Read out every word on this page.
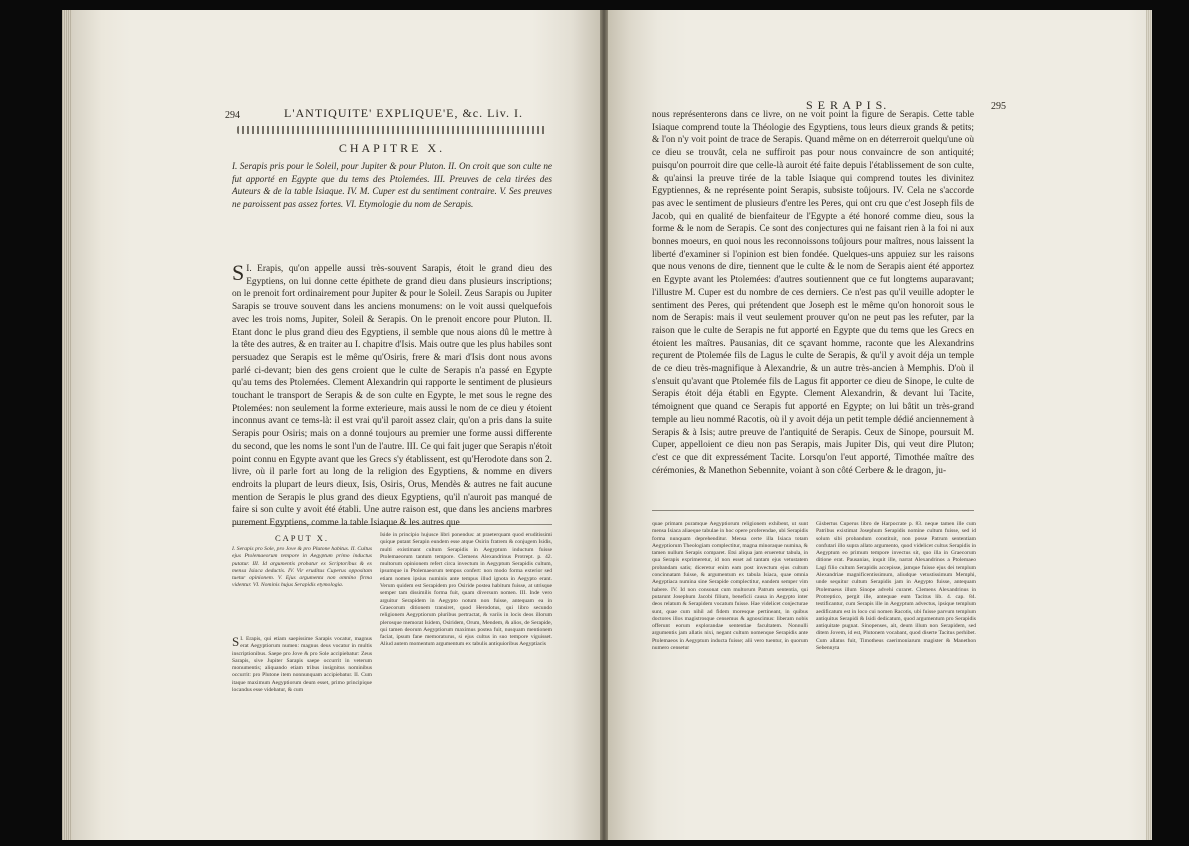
294	L'ANTIQUITE' EXPLIQUE'E, &c. Liv. I.
CHAPITRE X.
I. Serapis pris pour le Soleil, pour Jupiter & pour Pluton. II. On croit que son culte ne fut apporté en Egypte que du tems des Ptolemées. III. Preuves de cela tirées des Auteurs & de la table Isiaque. IV. M. Cuper est du sentiment contraire. V. Ses preuves ne paroissent pas assez fortes. VI. Etymologie du nom de Serapis.
S I. Erapis, qu'on appelle aussi très-souvent Sarapis, étoit le grand dieu des Egyptiens, on lui donne cette épithete de grand dieu dans plusieurs inscriptions; on le prenoit fort ordinairement pour Jupiter & pour le Soleil. Zeus Sarapis ou Jupiter Sarapis se trouve souvent dans les anciens monumens: on le voit aussi quelquefois avec les trois noms, Jupiter, Soleil & Serapis. On le prenoit encore pour Pluton. II. Etant donc le plus grand dieu des Egyptiens, il semble que nous aions dû le mettre à la tête des autres, & en traiter au I. chapitre d'Isis. Mais outre que les plus habiles sont persuadez que Serapis est le même qu'Osiris, frere & mari d'Isis dont nous avons parlé ci-devant; bien des gens croient que le culte de Serapis n'a passé en Egypte qu'au tems des Ptolemées. Clement Alexandrin qui rapporte le sentiment de plusieurs touchant le transport de Serapis & de son culte en Egypte, le met sous le regne des Ptolemées: non seulement la forme exterieure, mais aussi le nom de ce dieu y étoient inconnus avant ce tems-là: il est vrai qu'il paroit assez clair, qu'on a pris dans la suite Serapis pour Osiris; mais on a donné toujours au premier une forme aussi differente du second, que les noms le sont l'un de l'autre. III. Ce qui fait juger que Serapis n'étoit point connu en Egypte avant que les Grecs s'y établissent, est qu'Herodote dans son 2. livre, où il parle fort au long de la religion des Egyptiens, & nomme en divers endroits la plupart de leurs dieux, Isis, Osiris, Orus, Mendès & autres ne fait aucune mention de Serapis le plus grand des dieux Egyptiens, qu'il n'auroit pas manqué de faire si son culte y avoit été établi. Une autre raison est, que dans les anciens marbres
CAPUT X.
I. Serapis pro Sole, pro Jove & pro Plutone habitus. II. Cultus ejus Ptolemaeorum tempore in Aegyptum primo inductus putatur. III. Id argumentis probatur ex Scriptoribus & ex mensa Isiaca deductis. IV. Vir eruditus Cuperus oppositam tuetur opinionem. V. Ejus argumenta non omnino firma videntur. VI. Nominis hujus Serapidis etymologia.
S I. Erapis, qui etiam saepissime Sarapis vocatur, magnus erat Aegyptiorum numen: magnus deus vocatur in multis inscriptionibus. Saepe pro Jove & pro Sole accipiebatur: Zeus Sarapis, sive Jupiter Sarapis saepe occurrit in veterum monumentis; aliquando etiam tribus insignitus nominibus occurrit: pro Plutone item nonnunquam accipiebatur. II. Cum itaque maximum Aegyptiorum deum esset, primo principique locandus esse videbatur, & cum
Iside in principio hujusce libri ponendus: at praeterquam quod eruditissimi quique putant Serapin eundem esse atque Osirin fratrem & conjugem Isidis, multi existimant cultum Serapidis in Aegyptum inductum fuisse Ptolemaeorum tantum tempore. Clemens Alexandrinus Protrept. p. 42. multorum opinionem refert circa invectum in Aegyptum Serapidis cultum, ipsumque in Ptolemaeorum tempus confert: non modo forma exterior sed etiam nomen ipsius numinis ante tempus illud ignota in Aegypto erant. Verum quidem est Serapidem pro Osiride postea habitum fuisse, at utrisque semper tam dissimilis forma fuit, quam diversum nomen. III. Inde vero arguitur Serapidem in Aegypto notum non fuisse, antequam ea in Graecorum ditionem transiret, quod Herodotus, qui libro secundo religionem Aegyptiorum pluribus pertractat, & variis in locis deos illorum plerosque memorat Isidem, Osiridem, Orum, Mendem, & alios, de Serapide, qui tamen deorum Aegyptiorum maximus postea fuit, nusquam mentionem faciat, ipsum fane memoraturus, si ejus cultus in suo tempore viguisset. Aliud autem momentum argumentum ex tabulis antiquioribus Aegyptiacis
S E R A P I S.	295
nous représenterons dans ce livre, on ne voit point la figure de Serapis. Cette table Isiaque comprend toute la Théologie des Egyptiens, tous leurs dieux grands & petits; & l'on n'y voit point de trace de Serapis. Quand même on en déterreroit quelqu'une où ce dieu se trouvât, cela ne suffiroit pas pour nous convaincre de son antiquité; puisqu'on pourroit dire que celle-là auroit été faite depuis l'établissement de son culte, & qu'ainsi la preuve tirée de la table Isiaque qui comprend toutes les divinitez Egyptiennes, & ne représente point Serapis, subsiste toûjours. IV. Cela ne s'accorde pas avec le sentiment de plusieurs d'entre les Peres, qui ont cru que c'est Joseph fils de Jacob, qui en qualité de bienfaiteur de l'Egypte a été honoré comme dieu, sous la forme & le nom de Serapis. Ce sont des conjectures qui ne faisant rien à la foi ni aux bonnes moeurs, en quoi nous les reconnoissons toûjours pour maîtres, nous laissent la liberté d'examiner si l'opinion est bien fondée. Quelques-uns appuiez sur les raisons que nous venons de dire, tiennent que le culte & le nom de Serapis aient été apportez en Egypte avant les Ptolemées: d'autres soutiennent que ce fut longtems auparavant; l'illustre M. Cuper est du nombre de ces derniers. Ce n'est pas qu'il veuille adopter le sentiment des Peres, qui prétendent que Joseph est le même qu'on honoroit sous le nom de Serapis: mais il veut seulement prouver qu'on ne peut pas les refuter, par la raison que le culte de Serapis ne fut apporté en Egypte que du tems que les Grecs en étoient les maîtres. Pausanias, dit ce sçavant homme, raconte que les Alexandrins reçurent de Ptolemée fils de Lagus le culte de Serapis, & qu'il y avoit déja un temple de ce dieu très-magnifique à Alexandrie, & un autre très-ancien à Memphis. D'où il s'ensuit qu'avant que Ptolemée fils de Lagus fit apporter ce dieu de Sinope, le culte de Serapis étoit déja établi en Egypte. Clement Alexandrin, & devant lui Tacite, témoignent que quand ce Serapis fut apporté en Egypte; on lui bâtit un très-grand temple au lieu nommé Racotis, où il y avoit déja un petit temple dédié anciennement à Serapis & à Isis; autre preuve de l'antiquité de Serapis. Ceux de Sinope, poursuit M. Cuper, appelloient ce dieu non pas Serapis, mais Jupiter Dis, qui veut dire Pluton; c'est ce que dit expressément Tacite. Lorsqu'on l'eut apporté, Timothée maître des cérémonies, & Manethon Sebennite, voiant à son côté Cerbere & le dragon, ju-
quae primam puramque Aegyptiorum religionem exhibent, ut sunt mensa Isiaca aliaeque tabulae in hoc opere proferendae, ubi Serapidis forma nunquam deprehenditur. Mensa certe illa Isiaca totam Aegyptiorum Theologiam complectitur, magna minoraque numina, & tamen nullum Serapis comparet. Etsi aliqua jam erueretur tabula, in qua Serapis exprimeretur, id non esset ad tantam ejus vetustatem probandam satis; diceretur enim eam post invectum ejus cultum concinnatam fuisse, & argumentum ex tabula Isiaca, quae omnia Aegyptiaca numina sine Serapide complectitur, eandem semper vim habere. IV. Id non consonat cum multorum Patrum sententia, qui putarunt Josephum Jacobi filium, beneficii causa in Aegypto inter deos relatum & Serapidem vocatum fuisse. Hae videlicet conjecturae sunt, quae cum nihil ad fidem moresque pertineant, in quibus doctores illos magistrosque censemus & agnoscimus: liberam nobis offerunt eorum explorandae sententiae facultatem. Nonnulli argumentis jam allatis nixi, negant cultum nomenque Serapidis ante Ptolemaeos in Aegyptum inducta fuisse; alii vero tuentur, in quorum numero censetur
Gisbertus Cuperus libro de Harpocrate p. 83. neque tamen ille cum Patribus existimat Josephum Serapidis nomine cultum fuisse, sed id solum sibi probandum constituit, non posse Patrum sententiam confutari illo supra allato argumento, quod videlicet cultus Serapidis in Aegyptum eo primum tempore invectus sit, quo illa in Graecorum ditione erat. Pausanias, inquit ille, narrat Alexandrinos a Ptolemaeo Lagi filio cultum Serapidis accepisse, jamque fuisse ejus dei templum Alexandriae magnificentissimum, aliudque vetustissimum Memphi, unde sequitur cultum Serapidis jam in Aegypto fuisse, antequam Ptolemaeus illum Sinope advehi curaret. Clemens Alexandrinus in Protreptico, pergit ille, antequae eum Tacitus lib. 4. cap. 84. testificantur, cum Serapis ille in Aegyptum advectus, ipsique templum aedificatum est in loco cui nomen Racotis, ubi fuisse parvum templum antiquitus Serapidi & Isidi dedicatum, quod argumentum pro Serapidis antiquitate pugnat. Sinopenses, ait, deum illum non Serapidem, sed ditem Jovem, id est, Plutonem vocabant, quod diserte Tacitus perhibet. Cum allatus fuit, Timotheus caerimoniarum magister & Manethon Sebennyta
